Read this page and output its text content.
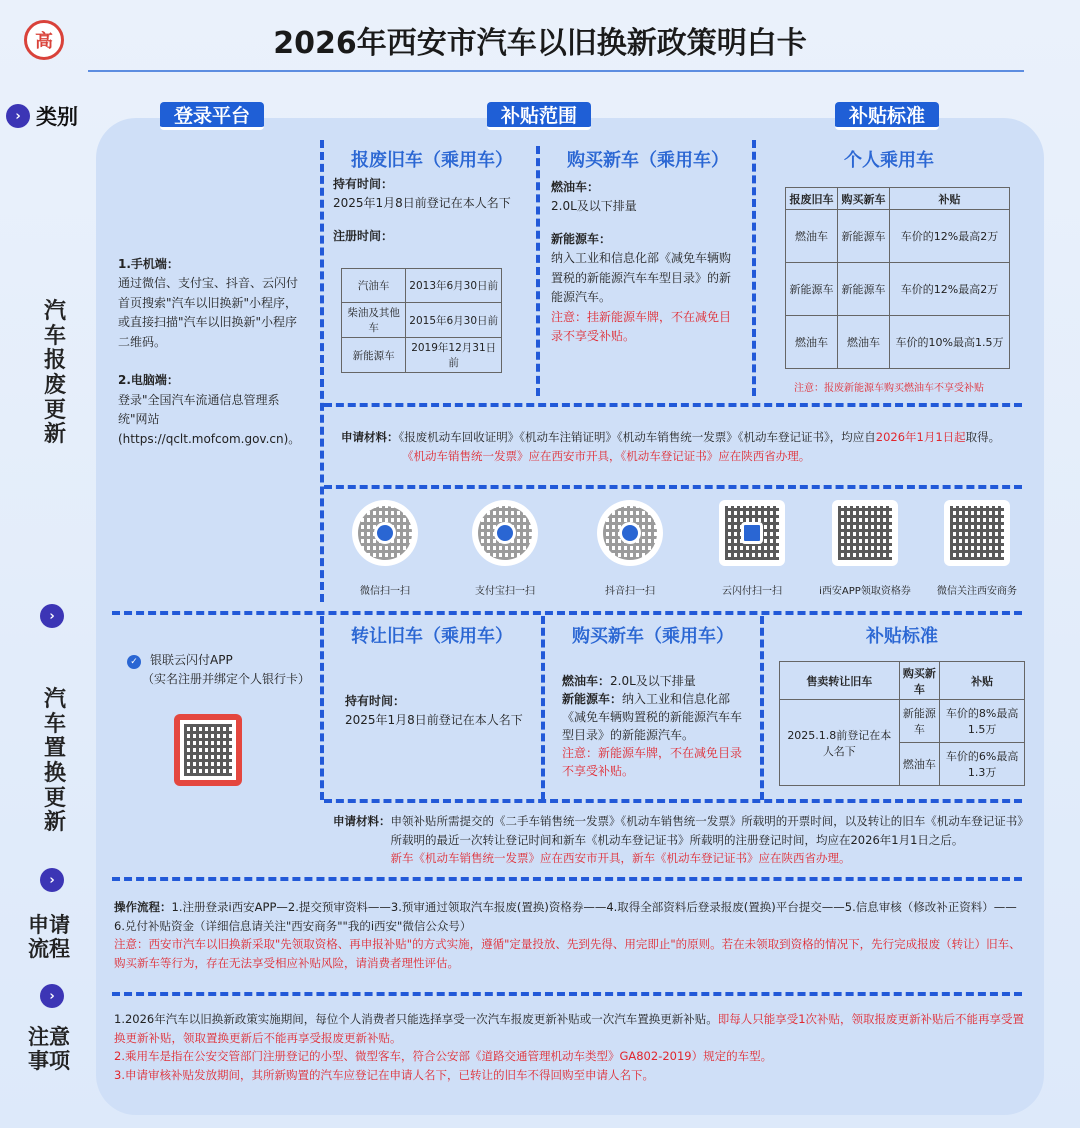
高	2026年西安市汽车以旧换新政策明白卡
› 类别
汽
车
报
废
更
新
›
汽
车
置
换
更
新
›
申请
流程
›
注意
事项
登录平台	补贴范围	补贴标准
1.手机端：
通过微信、支付宝、抖音、云闪付首页搜索"汽车以旧换新"小程序，或直接扫描"汽车以旧换新"小程序二维码。
2.电脑端：
登录"全国汽车流通信息管理系统"网站(https://qclt.mofcom.gov.cn)。
报废旧车（乘用车）
持有时间：
2025年1月8日前登记在本人名下
注册时间：
汽油车	2013年6月30日前
柴油及其他车	2015年6月30日前
新能源车	2019年12月31日前
购买新车（乘用车）
燃油车：
2.0L及以下排量
新能源车：
纳入工业和信息化部《减免车辆购置税的新能源汽车车型目录》的新能源汽车。
注意：挂新能源车牌，不在减免目录不享受补贴。
个人乘用车
报废旧车	购买新车	补贴
燃油车	新能源车	车价的12%最高2万
新能源车	新能源车	车价的12%最高2万
燃油车	燃油车	车价的10%最高1.5万
注意：报废新能源车购买燃油车不享受补贴
申请材料：《报废机动车回收证明》《机动车注销证明》《机动车销售统一发票》《机动车登记证书》，均应自2026年1月1日起取得。
《机动车销售统一发票》应在西安市开具，《机动车登记证书》应在陕西省办理。
微信扫一扫	支付宝扫一扫	抖音扫一扫	云闪付扫一扫	i西安APP领取资格券	微信关注西安商务
✓ 银联云闪付APP
（实名注册并绑定个人银行卡）
转让旧车（乘用车）
持有时间：
2025年1月8日前登记在本人名下
购买新车（乘用车）
燃油车：2.0L及以下排量
新能源车：纳入工业和信息化部《减免车辆购置税的新能源汽车车型目录》的新能源汽车。
注意：新能源车牌，不在减免目录不享受补贴。
补贴标准
售卖转让旧车	购买新车	补贴
2025.1.8前登记在本人名下	新能源车	车价的8%最高1.5万
	燃油车	车价的6%最高1.3万
申请材料： 申领补贴所需提交的《二手车销售统一发票》《机动车销售统一发票》所载明的开票时间，以及转让的旧车《机动车登记证书》所载明的最近一次转让登记时间和新车《机动车登记证书》所载明的注册登记时间，均应在2026年1月1日之后。
新车《机动车销售统一发票》应在西安市开具，新车《机动车登记证书》应在陕西省办理。
操作流程：1.注册登录i西安APP—2.提交预审资料——3.预审通过领取汽车报废(置换)资格券——4.取得全部资料后登录报废(置换)平台提交——5.信息审核（修改补正资料）——6.兑付补贴资金（详细信息请关注"西安商务""我的i西安"微信公众号）
注意：西安市汽车以旧换新采取"先领取资格、再申报补贴"的方式实施，遵循"定量投放、先到先得、用完即止"的原则。若在未领取到资格的情况下，先行完成报废（转让）旧车、购买新车等行为，存在无法享受相应补贴风险，请消费者理性评估。
1.2026年汽车以旧换新政策实施期间，每位个人消费者只能选择享受一次汽车报废更新补贴或一次汽车置换更新补贴。即每人只能享受1次补贴，领取报废更新补贴后不能再享受置换更新补贴，领取置换更新后不能再享受报废更新补贴。
2.乘用车是指在公安交管部门注册登记的小型、微型客车，符合公安部《道路交通管理机动车类型》GA802-2019）规定的车型。
3.申请审核补贴发放期间，其所新购置的汽车应登记在申请人名下，已转让的旧车不得回购至申请人名下。
